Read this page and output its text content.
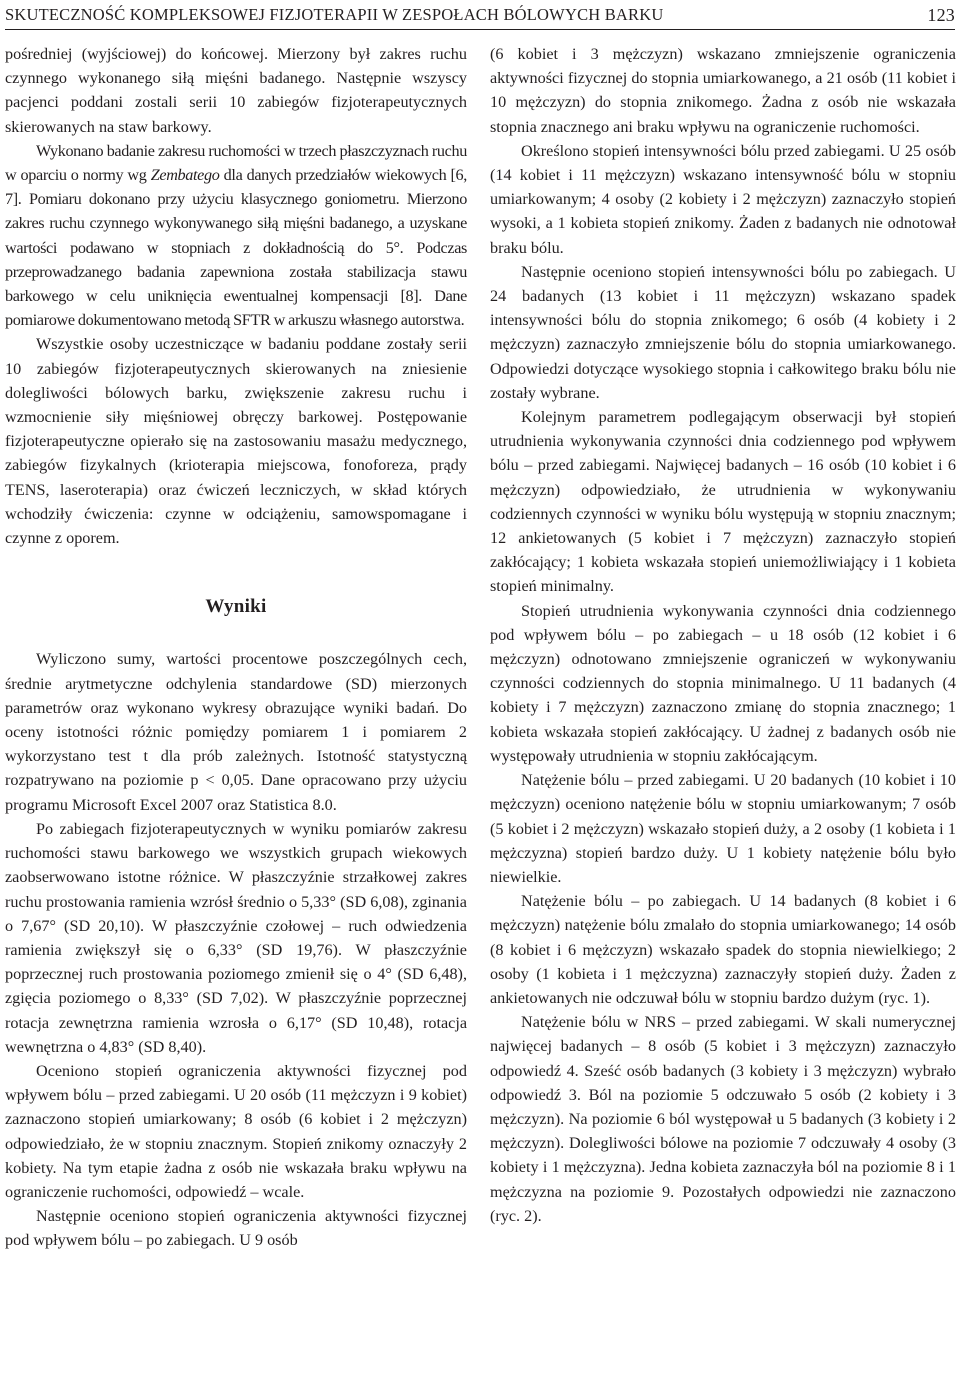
SKUTECZNOŚĆ KOMPLEKSOWEJ FIZJOTERAPII W ZESPOŁACH BÓLOWYCH BARKU	123

pośredniej (wyjściowej) do końcowej. Mierzony był zakres ruchu czynnego wykonanego siłą mięśni badanego. Następnie wszyscy pacjenci poddani zostali serii 10 zabiegów fizjoterapeutycznych skierowanych na staw barkowy.

Wykonano badanie zakresu ruchomości w trzech płaszczyznach ruchu w oparciu o normy wg Zembatego dla danych przedziałów wiekowych [6, 7]. Pomiaru dokonano przy użyciu klasycznego goniometru. Mierzono zakres ruchu czynnego wykonywanego siłą mięśni badanego, a uzyskane wartości podawano w stopniach z dokładnością do 5°. Podczas przeprowadzanego badania zapewniona została stabilizacja stawu barkowego w celu uniknięcia ewentualnej kompensacji [8]. Dane pomiarowe dokumentowano metodą SFTR w arkuszu własnego autorstwa.

Wszystkie osoby uczestniczące w badaniu poddane zostały serii 10 zabiegów fizjoterapeutycznych skierowanych na zniesienie dolegliwości bólowych barku, zwiększenie zakresu ruchu i wzmocnienie siły mięśniowej obręczy barkowej. Postępowanie fizjoterapeutyczne opierało się na zastosowaniu masażu medycznego, zabiegów fizykalnych (krioterapia miejscowa, fonoforeza, prądy TENS, laseroterapia) oraz ćwiczeń leczniczych, w skład których wchodziły ćwiczenia: czynne w odciążeniu, samowspomagane i czynne z oporem.

Wyniki

Wyliczono sumy, wartości procentowe poszczególnych cech, średnie arytmetyczne odchylenia standardowe (SD) mierzonych parametrów oraz wykonano wykresy obrazujące wyniki badań. Do oceny istotności różnic pomiędzy pomiarem 1 i pomiarem 2 wykorzystano test t dla prób zależnych. Istotność statystyczną rozpatrywano na poziomie p < 0,05. Dane opracowano przy użyciu programu Microsoft Excel 2007 oraz Statistica 8.0.

Po zabiegach fizjoterapeutycznych w wyniku pomiarów zakresu ruchomości stawu barkowego we wszystkich grupach wiekowych zaobserwowano istotne różnice. W płaszczyźnie strzałkowej zakres ruchu prostowania ramienia wzrósł średnio o 5,33° (SD 6,08), zginania o 7,67° (SD 20,10). W płaszczyźnie czołowej – ruch odwiedzenia ramienia zwiększył się o 6,33° (SD 19,76). W płaszczyźnie poprzecznej ruch prostowania poziomego zmienił się o 4° (SD 6,48), zgięcia poziomego o 8,33° (SD 7,02). W płaszczyźnie poprzecznej rotacja zewnętrzna ramienia wzrosła o 6,17° (SD 10,48), rotacja wewnętrzna o 4,83° (SD 8,40).

Oceniono stopień ograniczenia aktywności fizycznej pod wpływem bólu – przed zabiegami. U 20 osób (11 mężczyzn i 9 kobiet) zaznaczono stopień umiarkowany; 8 osób (6 kobiet i 2 mężczyzn) odpowiedziało, że w stopniu znacznym. Stopień znikomy oznaczyły 2 kobiety. Na tym etapie żadna z osób nie wskazała braku wpływu na ograniczenie ruchomości, odpowiedź – wcale.

Następnie oceniono stopień ograniczenia aktywności fizycznej pod wpływem bólu – po zabiegach. U 9 osób

(6 kobiet i 3 mężczyzn) wskazano zmniejszenie ograniczenia aktywności fizycznej do stopnia umiarkowanego, a 21 osób (11 kobiet i 10 mężczyzn) do stopnia znikomego. Żadna z osób nie wskazała stopnia znacznego ani braku wpływu na ograniczenie ruchomości.

Określono stopień intensywności bólu przed zabiegami. U 25 osób (14 kobiet i 11 mężczyzn) wskazano intensywność bólu w stopniu umiarkowanym; 4 osoby (2 kobiety i 2 mężczyzn) zaznaczyło stopień wysoki, a 1 kobieta stopień znikomy. Żaden z badanych nie odnotował braku bólu.

Następnie oceniono stopień intensywności bólu po zabiegach. U 24 badanych (13 kobiet i 11 mężczyzn) wskazano spadek intensywności bólu do stopnia znikomego; 6 osób (4 kobiety i 2 mężczyzn) zaznaczyło zmniejszenie bólu do stopnia umiarkowanego. Odpowiedzi dotyczące wysokiego stopnia i całkowitego braku bólu nie zostały wybrane.

Kolejnym parametrem podlegającym obserwacji był stopień utrudnienia wykonywania czynności dnia codziennego pod wpływem bólu – przed zabiegami. Najwięcej badanych – 16 osób (10 kobiet i 6 mężczyzn) odpowiedziało, że utrudnienia w wykonywaniu codziennych czynności w wyniku bólu występują w stopniu znacznym; 12 ankietowanych (5 kobiet i 7 mężczyzn) zaznaczyło stopień zakłócający; 1 kobieta wskazała stopień uniemożliwiający i 1 kobieta stopień minimalny.

Stopień utrudnienia wykonywania czynności dnia codziennego pod wpływem bólu – po zabiegach – u 18 osób (12 kobiet i 6 mężczyzn) odnotowano zmniejszenie ograniczeń w wykonywaniu czynności codziennych do stopnia minimalnego. U 11 badanych (4 kobiety i 7 mężczyzn) zaznaczono zmianę do stopnia znacznego; 1 kobieta wskazała stopień zakłócający. U żadnej z badanych osób nie występowały utrudnienia w stopniu zakłócającym.

Natężenie bólu – przed zabiegami. U 20 badanych (10 kobiet i 10 mężczyzn) oceniono natężenie bólu w stopniu umiarkowanym; 7 osób (5 kobiet i 2 mężczyzn) wskazało stopień duży, a 2 osoby (1 kobieta i 1 mężczyzna) stopień bardzo duży. U 1 kobiety natężenie bólu było niewielkie.

Natężenie bólu – po zabiegach. U 14 badanych (8 kobiet i 6 mężczyzn) natężenie bólu zmalało do stopnia umiarkowanego; 14 osób (8 kobiet i 6 mężczyzn) wskazało spadek do stopnia niewielkiego; 2 osoby (1 kobieta i 1 mężczyzna) zaznaczyły stopień duży. Żaden z ankietowanych nie odczuwał bólu w stopniu bardzo dużym (ryc. 1).

Natężenie bólu w NRS – przed zabiegami. W skali numerycznej najwięcej badanych – 8 osób (5 kobiet i 3 mężczyzn) zaznaczyło odpowiedź 4. Sześć osób badanych (3 kobiety i 3 mężczyzn) wybrało odpowiedź 3. Ból na poziomie 5 odczuwało 5 osób (2 kobiety i 3 mężczyzn). Na poziomie 6 ból występował u 5 badanych (3 kobiety i 2 mężczyzn). Dolegliwości bólowe na poziomie 7 odczuwały 4 osoby (3 kobiety i 1 mężczyzna). Jedna kobieta zaznaczyła ból na poziomie 8 i 1 mężczyzna na poziomie 9. Pozostałych odpowiedzi nie zaznaczono (ryc. 2).
